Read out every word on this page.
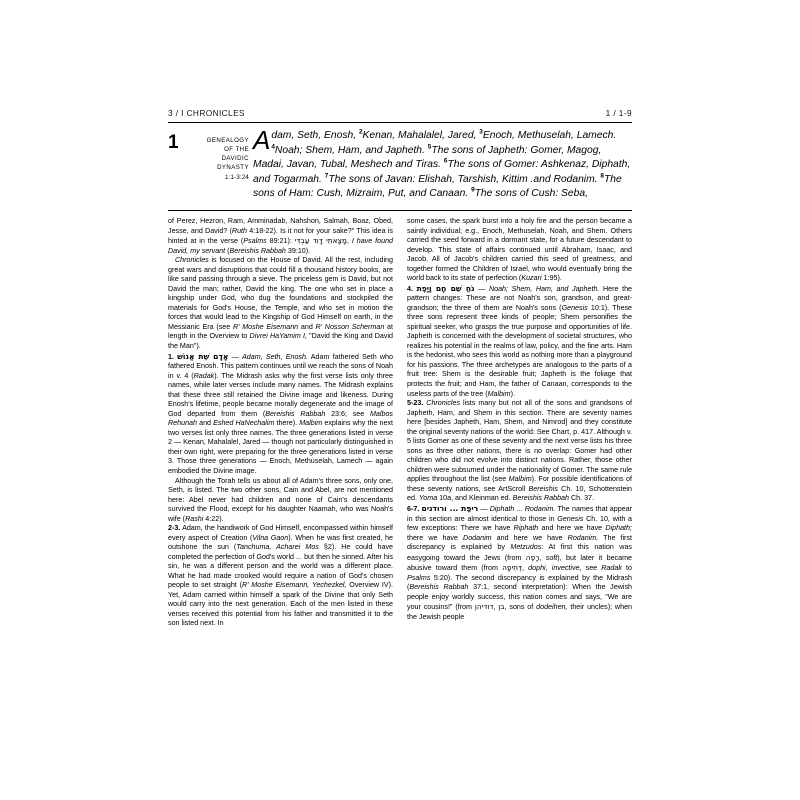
3 / I CHRONICLES	1 / 1-9
1	GENEALOGY
OF THE
DAVIDIC
DYNASTY
1:1-3:24
Adam, Seth, Enosh, $^2$Kenan, Mahalalel, Jared, $^3$Enoch, Methuselah, Lamech. $^4$Noah; Shem, Ham, and Japheth. $^5$The sons of Japheth: Gomer, Magog, Madai, Javan, Tubal, Meshech and Tiras. $^6$The sons of Gomer: Ashkenaz, Diphath, and Togarmah. $^7$The sons of Javan: Elishah, Tarshish, Kittim .and Rodanim. $^8$The sons of Ham: Cush, Mizraim, Put, and Canaan. $^9$The sons of Cush: Seba,

of Perez, Hezron, Ram, Amminadab, Nahshon, Salmah, Boaz, Obed, Jesse, and David? (Ruth 4:18-22). Is it not for your sake?" This idea is hinted at in the verse (Psalms 89:21): מָצָאתִי דָּוִד עַבְדִּי, I have found David, my servant (Bereishis Rabbah 39:10).

Chronicles is focused on the House of David. All the rest, including great wars and disruptions that could fill a thousand history books, are like sand passing through a sieve. The priceless gem is David, but not David the man; rather, David the king. The one who set in place a kingship under God, who dug the foundations and stockpiled the materials for God's House, the Temple, and who set in motion the forces that would lead to the Kingship of God Himself on earth, in the Messianic Era (see R' Moshe Eisemann and R' Nosson Scherman at length in the Overview to Divrei HaYamim I, "David the King and David the Man").

1. אָדָם שֵׁת אֱנוֹשׁ — Adam, Seth, Enosh. Adam fathered Seth who fathered Enosh. This pattern continues until we reach the sons of Noah in v. 4 (Radak). The Midrash asks why the first verse lists only three names, while later verses include many names. The Midrash explains that these three still retained the Divine image and likeness. During Enosh's lifetime, people became morally degenerate and the image of God departed from them (Bereishis Rabbah 23:6; see Malbos Rehunah and Eshed HaNechalim there). Malbim explains why the next two verses list only three names. The three generations listed in verse 2 — Kenan, Mahalalel, Jared — though not particularly distinguished in their own right, were preparing for the three generations listed in verse 3. Those three generations — Enoch, Methuselah, Lamech — again embodied the Divine image.

Although the Torah tells us about all of Adam's three sons, only one, Seth, is listed. The two other sons, Cain and Abel, are not mentioned here: Abel never had children and none of Cain's descendants survived the Flood, except for his daughter Naamah, who was Noah's wife (Rashi 4:22).

2-3. Adam, the handiwork of God Himself, encompassed within himself every aspect of Creation (Vilna Gaon). When he was first created, he outshone the sun (Tanchuma, Acharei Mos §2). He could have completed the perfection of God's world ... but then he sinned. After his sin, he was a different person and the world was a different place. What he had made crooked would require a nation of God's chosen people to set straight (R' Moshe Eisemann, Yechezkel, Overview IV). Yet, Adam carried within himself a spark of the Divine that only Seth would carry into the next generation. Each of the men listed in these verses received this potential from his father and transmitted it to the son listed next. In

some cases, the spark burst into a holy fire and the person became a saintly individual; e.g., Enoch, Methuselah, Noah, and Shem. Others carried the seed forward in a dormant state, for a future descendant to develop. This state of affairs continued until Abraham, Isaac, and Jacob. All of Jacob's children carried this seed of greatness, and together formed the Children of Israel, who would eventually bring the world back to its state of perfection (Kuzari 1:95).

4. נֹחַ שֵׁם חָם וָיָפֶת — Noah; Shem, Ham, and Japheth. Here the pattern changes: These are not Noah's son, grandson, and great-grandson; the three of them are Noah's sons (Genesis 10:1). These three sons represent three kinds of people; Shem personifies the spiritual seeker, who grasps the true purpose and opportunities of life. Japheth is concerned with the development of societal structures, who realizes his potential in the realms of law, policy, and the fine arts. Ham is the hedonist, who sees this world as nothing more than a playground for his passions. The three archetypes are analogous to the parts of a fruit tree: Shem is the desirable fruit; Japheth is the foliage that protects the fruit; and Ham, the father of Canaan, corresponds to the useless parts of the tree (Malbim).

5-23. Chronicles lists many but not all of the sons and grandsons of Japheth, Ham, and Shem in this section. There are seventy names here [besides Japheth, Ham, Shem, and Nimrod] and they constitute the original seventy nations of the world: See Chart, p. 417. Although v. 5 lists Gomer as one of these seventy and the next verse lists his three sons as three other nations, there is no overlap: Gomer had other children who did not evolve into distinct nations. Rather, those other children were subsumed under the nationality of Gomer. The same rule applies throughout the list (see Malbim). For possible identifications of these seventy nations, see ArtScroll Bereishis Ch. 10, Schottenstein ed. Yoma 10a, and Kleinman ed. Bereishis Rabbah Ch. 37.

6-7. ריפַת ... ורודנים — Diphath ... Rodanim. The names that appear in this section are almost identical to those in Genesis Ch. 10, with a few exceptions: There we have Riphath and here we have Diphath; there we have Dodanim and here we have Rodanim. The first discrepancy is explained by Metzudos: At first this nation was easygoing toward the Jews (from רָפֶה, soft), but later it became abusive toward them (from דְּחִיפָה, dophi, invective, see Radak to Psalms 5:20). The second discrepancy is explained by the Midrash (Bereishis Rabbah 37:1, second interpretation): When the Jewish people enjoy worldly success, this nation comes and says, "We are your cousins!" (from דודיהן, בן, sons of dodeihen, their uncles); when the Jewish people
